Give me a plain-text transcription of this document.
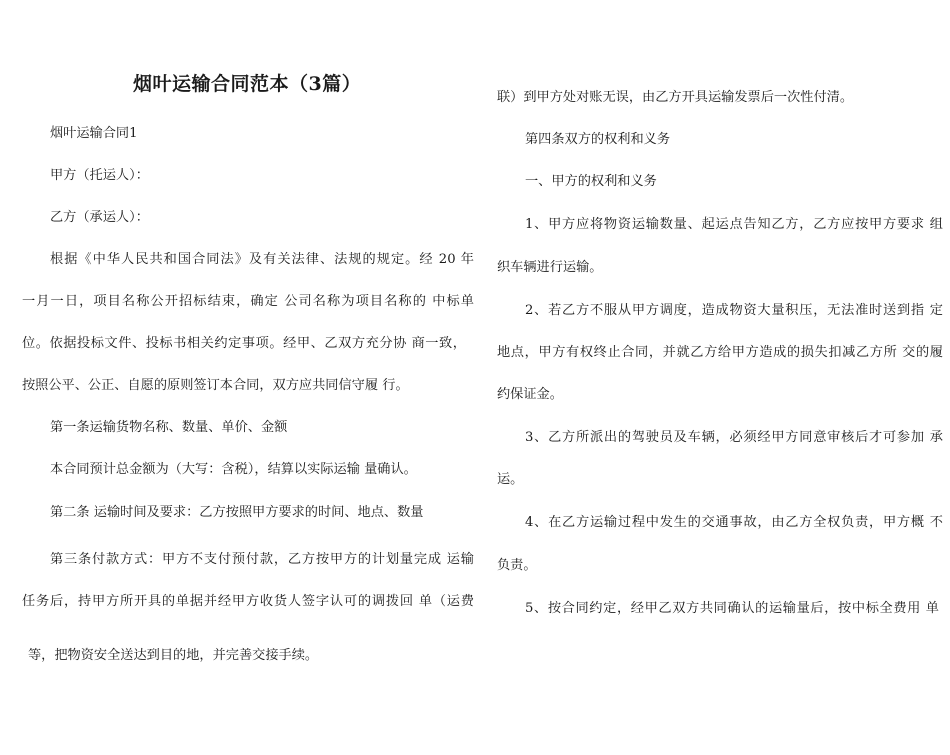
烟叶运输合同范本（3篇）
烟叶运输合同1
甲方（托运人）：
乙方（承运人）：
根据《中华人民共和国合同法》及有关法律、法规的规定。经 20 年
一月一日，项目名称公开招标结束，确定 公司名称为项目名称的 中标单
位。依据投标文件、投标书相关约定事项。经甲、乙双方充分协 商一致，
按照公平、公正、自愿的原则签订本合同，双方应共同信守履 行。
第一条运输货物名称、数量、单价、金额
本合同预计总金额为（大写：含税），结算以实际运输 量确认。
第二条 运输时间及要求：乙方按照甲方要求的时间、地点、数量
第三条付款方式：甲方不支付预付款，乙方按甲方的计划量完成 运输
任务后，持甲方所开具的单据并经甲方收货人签字认可的调拨回 单（运费
等，把物资安全送达到目的地，并完善交接手续。
联）到甲方处对账无误，由乙方开具运输发票后一次性付清。
第四条双方的权利和义务
一、甲方的权利和义务
1、甲方应将物资运输数量、起运点告知乙方，乙方应按甲方要求 组
织车辆进行运输。
2、若乙方不服从甲方调度，造成物资大量积压，无法准时送到指 定
地点，甲方有权终止合同，并就乙方给甲方造成的损失扣减乙方所 交的履
约保证金。
3、乙方所派出的驾驶员及车辆，必须经甲方同意审核后才可参加 承
运。
4、在乙方运输过程中发生的交通事故，由乙方全权负责，甲方概 不
负责。
5、按合同约定，经甲乙双方共同确认的运输量后，按中标全费用 单
